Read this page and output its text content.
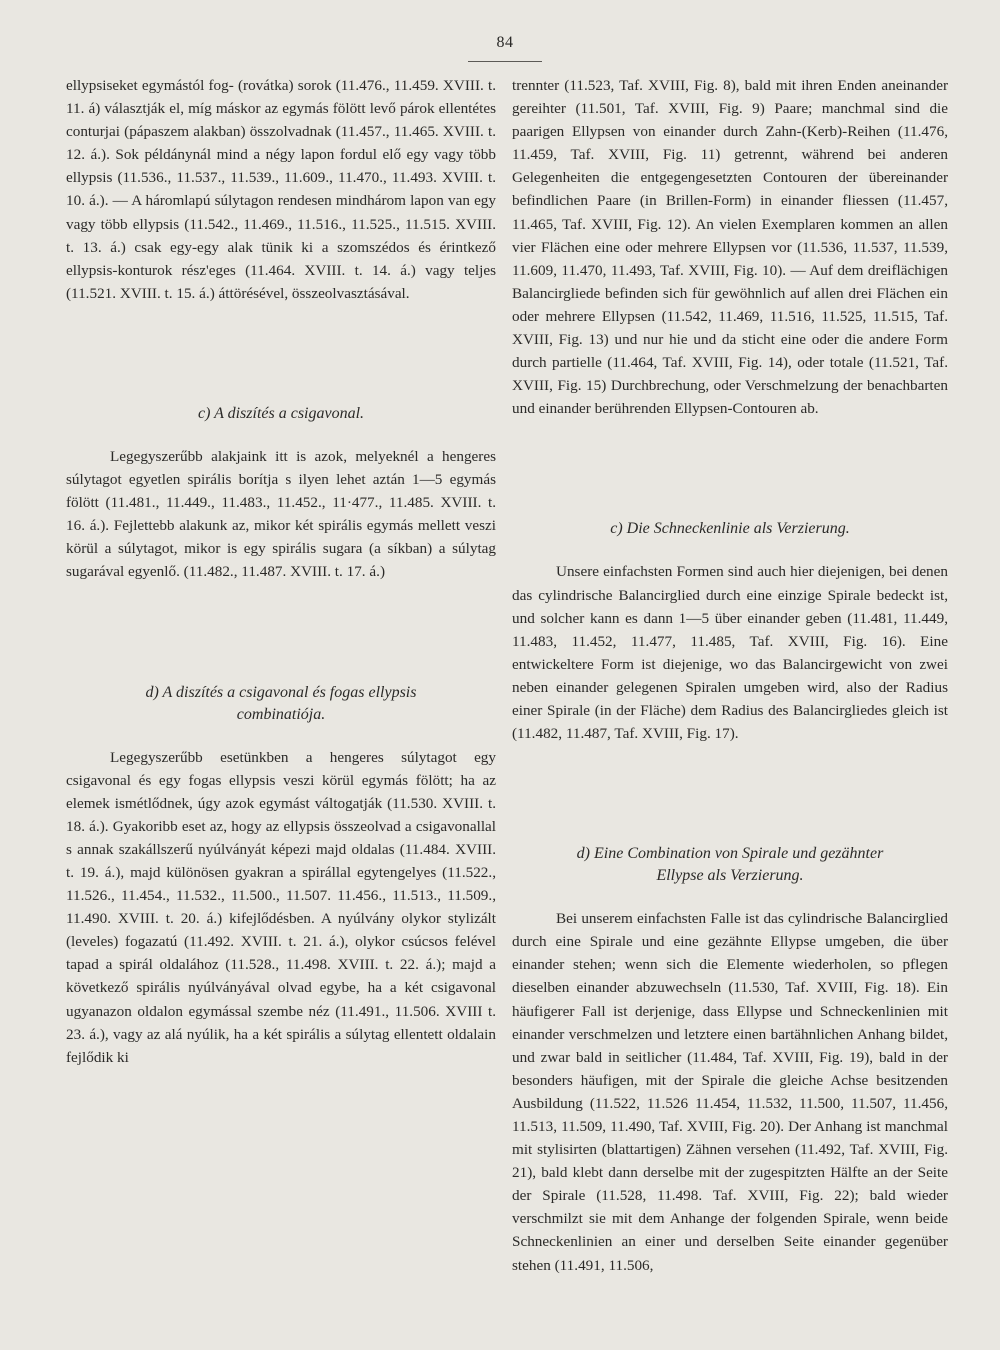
84

ellypsiseket egymástól fog- (rovátka) sorok (11.476., 11.459. XVIII. t. 11. á) választják el, míg máskor az egymás fölött levő párok ellentétes conturjai (pápaszem alakban) összolvadnak (11.457., 11.465. XVIII. t. 12. á.). Sok példánynál mind a négy lapon fordul elő egy vagy több ellypsis (11.536., 11.537., 11.539., 11.609., 11.470., 11.493. XVIII. t. 10. á.). — A háromlapú súlytagon rendesen mindhárom lapon van egy vagy több ellypsis (11.542., 11.469., 11.516., 11.525., 11.515. XVIII. t. 13. á.) csak egy-egy alak tünik ki a szomszédos és érintkező ellypsis-konturok rész'eges (11.464. XVIII. t. 14. á.) vagy teljes (11.521. XVIII. t. 15. á.) áttörésével, összeolvasztásával.

c) A diszítés a csigavonal.

Legegyszerűbb alakjaink itt is azok, melyeknél a hengeres súlytagot egyetlen spirális borítja s ilyen lehet aztán 1—5 egymás fölött (11.481., 11.449., 11.483., 11.452., 11·477., 11.485. XVIII. t. 16. á.). Fejlettebb alakunk az, mikor két spirális egymás mellett veszi körül a súlytagot, mikor is egy spirális sugara (a síkban) a súlytag sugarával egyenlő. (11.482., 11.487. XVIII. t. 17. á.)

d) A diszítés a csigavonal és fogas ellypsis
combinatiója.

Legegyszerűbb esetünkben a hengeres súlytagot egy csigavonal és egy fogas ellypsis veszi körül egymás fölött; ha az elemek ismétlődnek, úgy azok egymást váltogatják (11.530. XVIII. t. 18. á.). Gyakoribb eset az, hogy az ellypsis összeolvad a csigavonallal s annak szakállszerű nyúlványát képezi majd oldalas (11.484. XVIII. t. 19. á.), majd különösen gyakran a spirállal egytengelyes (11.522., 11.526., 11.454., 11.532., 11.500., 11.507. 11.456., 11.513., 11.509., 11.490. XVIII. t. 20. á.) kifejlődésben. A nyúlvány olykor stylizált (leveles) fogazatú (11.492. XVIII. t. 21. á.), olykor csúcsos felével tapad a spirál oldalához (11.528., 11.498. XVIII. t. 22. á.); majd a következő spirális nyúlványával olvad egybe, ha a két csigavonal ugyanazon oldalon egymással szembe néz (11.491., 11.506. XVIII t. 23. á.), vagy az alá nyúlik, ha a két spirális a súlytag ellentett oldalain fejlődik ki

trennter (11.523, Taf. XVIII, Fig. 8), bald mit ihren Enden aneinander gereihter (11.501, Taf. XVIII, Fig. 9) Paare; manchmal sind die paarigen Ellypsen von einander durch Zahn-(Kerb)-Reihen (11.476, 11.459, Taf. XVIII, Fig. 11) getrennt, während bei anderen Gelegenheiten die entgegengesetzten Contouren der übereinander befindlichen Paare (in Brillen-Form) in einander fliessen (11.457, 11.465, Taf. XVIII, Fig. 12). An vielen Exemplaren kommen an allen vier Flächen eine oder mehrere Ellypsen vor (11.536, 11.537, 11.539, 11.609, 11.470, 11.493, Taf. XVIII, Fig. 10). — Auf dem dreiflächigen Balancirgliede befinden sich für gewöhnlich auf allen drei Flächen ein oder mehrere Ellypsen (11.542, 11.469, 11.516, 11.525, 11.515, Taf. XVIII, Fig. 13) und nur hie und da sticht eine oder die andere Form durch partielle (11.464, Taf. XVIII, Fig. 14), oder totale (11.521, Taf. XVIII, Fig. 15) Durchbrechung, oder Verschmelzung der benachbarten und einander berührenden Ellypsen-Contouren ab.

c) Die Schneckenlinie als Verzierung.

Unsere einfachsten Formen sind auch hier diejenigen, bei denen das cylindrische Balancirglied durch eine einzige Spirale bedeckt ist, und solcher kann es dann 1—5 über einander geben (11.481, 11.449, 11.483, 11.452, 11.477, 11.485, Taf. XVIII, Fig. 16). Eine entwickeltere Form ist diejenige, wo das Balancirgewicht von zwei neben einander gelegenen Spiralen umgeben wird, also der Radius einer Spirale (in der Fläche) dem Radius des Balancirgliedes gleich ist (11.482, 11.487, Taf. XVIII, Fig. 17).

d) Eine Combination von Spirale und gezähnter
Ellypse als Verzierung.

Bei unserem einfachsten Falle ist das cylindrische Balancirglied durch eine Spirale und eine gezähnte Ellypse umgeben, die über einander stehen; wenn sich die Elemente wiederholen, so pflegen dieselben einander abzuwechseln (11.530, Taf. XVIII, Fig. 18). Ein häufigerer Fall ist derjenige, dass Ellypse und Schneckenlinien mit einander verschmelzen und letztere einen bartähnlichen Anhang bildet, und zwar bald in seitlicher (11.484, Taf. XVIII, Fig. 19), bald in der besonders häufigen, mit der Spirale die gleiche Achse besitzenden Ausbildung (11.522, 11.526 11.454, 11.532, 11.500, 11.507, 11.456, 11.513, 11.509, 11.490, Taf. XVIII, Fig. 20). Der Anhang ist manchmal mit stylisirten (blattartigen) Zähnen versehen (11.492, Taf. XVIII, Fig. 21), bald klebt dann derselbe mit der zugespitzten Hälfte an der Seite der Spirale (11.528, 11.498. Taf. XVIII, Fig. 22); bald wieder verschmilzt sie mit dem Anhange der folgenden Spirale, wenn beide Schneckenlinien an einer und derselben Seite einander gegenüber stehen (11.491, 11.506,
